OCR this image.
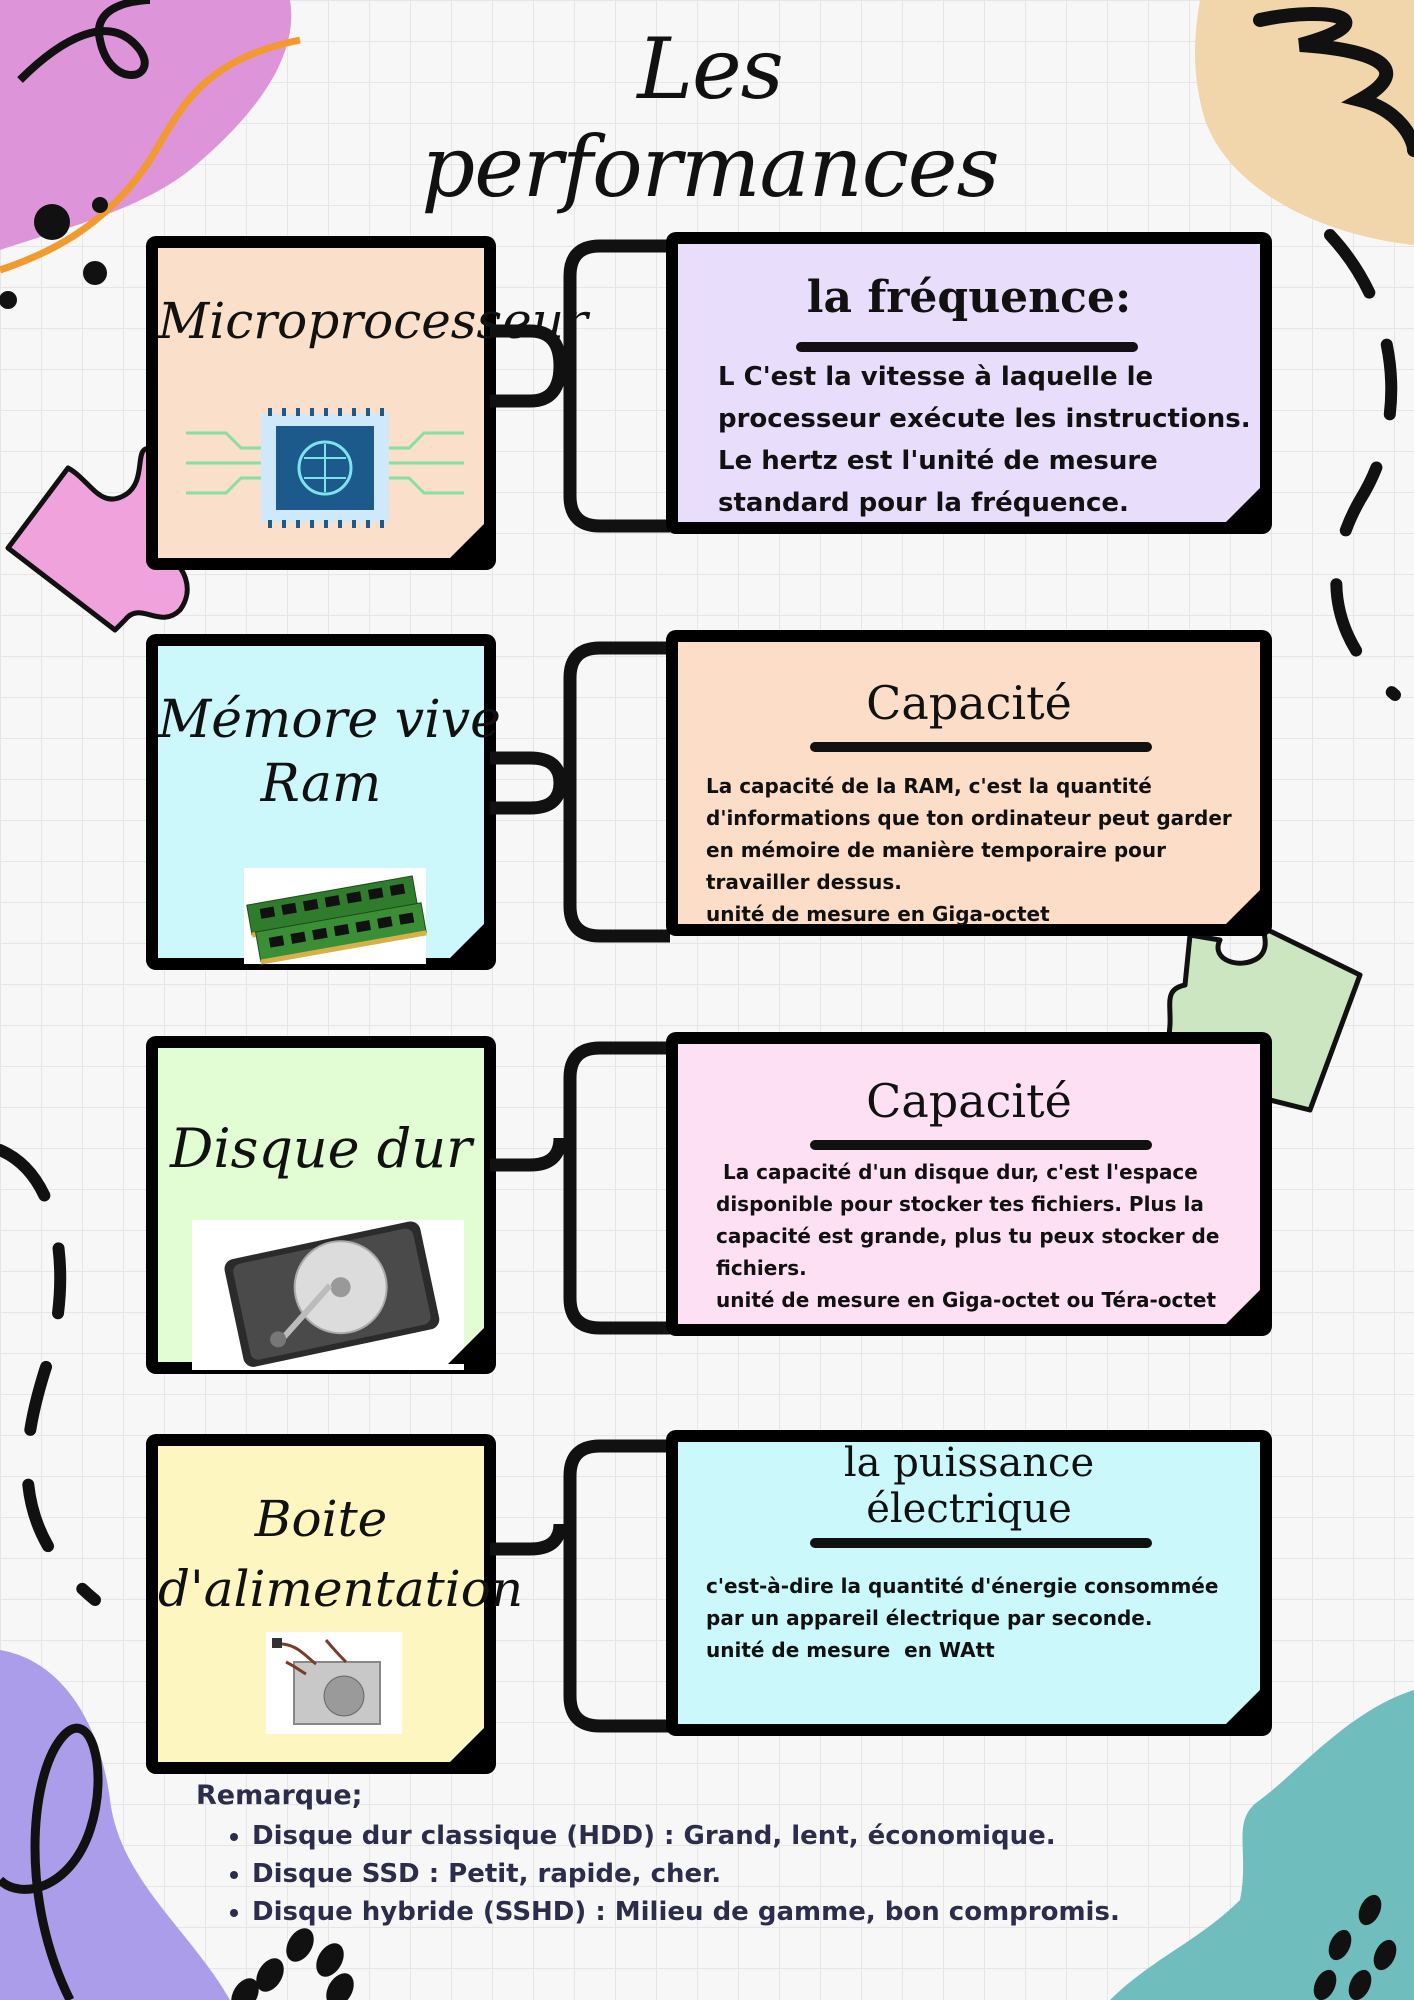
Les performances
Microprocesseur	la fréquence:

L C'est la vitesse à laquelle le

processeur exécute les instructions.

Le hertz est l'unité de mesure

standard pour la fréquence.

Mémore vive
Ram
Capacité

La capacité de la RAM, c'est la quantité

d'informations que ton ordinateur peut garder

en mémoire de manière temporaire pour

travailler dessus.

unité de mesure en Giga-octet

Disque dur
Capacité

La capacité d'un disque dur, c'est l'espace

disponible pour stocker tes fichiers. Plus la

capacité est grande, plus tu peux stocker de

fichiers.

unité de mesure en Giga-octet ou Téra-octet

Boite
d'alimentation
la puissance
électrique

c'est-à-dire la quantité d'énergie consommée

par un appareil électrique par seconde.

unité de mesure  en WAtt

Remarque;
• Disque dur classique (HDD) : Grand, lent, économique.
• Disque SSD : Petit, rapide, cher.
• Disque hybride (SSHD) : Milieu de gamme, bon compromis.
